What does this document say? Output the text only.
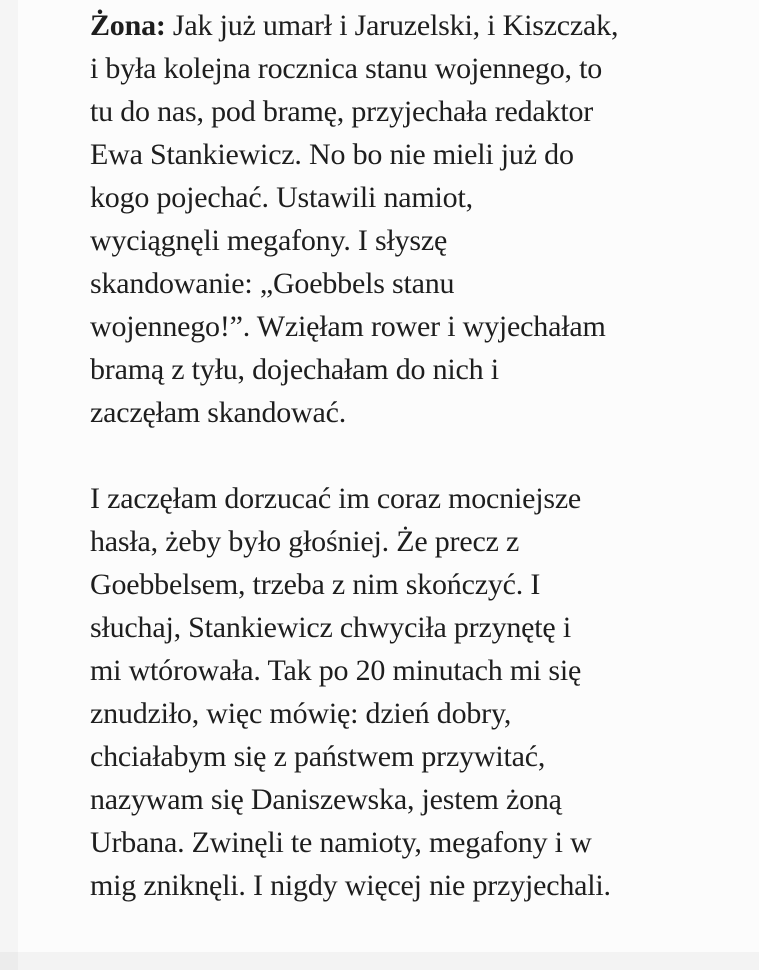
Żona: Jak już umarł i Jaruzelski, i Kiszczak,
i była kolejna rocznica stanu wojennego, to
tu do nas, pod bramę, przyjechała redaktor
Ewa Stankiewicz. No bo nie mieli już do
kogo pojechać. Ustawili namiot,
wyciągnęli megafony. I słyszę
skandowanie: „Goebbels stanu
wojennego!”. Wzięłam rower i wyjechałam
bramą z tyłu, dojechałam do nich i
zaczęłam skandować.
I zaczęłam dorzucać im coraz mocniejsze
hasła, żeby było głośniej. Że precz z
Goebbelsem, trzeba z nim skończyć. I
słuchaj, Stankiewicz chwyciła przynętę i
mi wtórowała. Tak po 20 minutach mi się
znudziło, więc mówię: dzień dobry,
chciałabym się z państwem przywitać,
nazywam się Daniszewska, jestem żoną
Urbana. Zwinęli te namioty, megafony i w
mig zniknęli. I nigdy więcej nie przyjechali.
